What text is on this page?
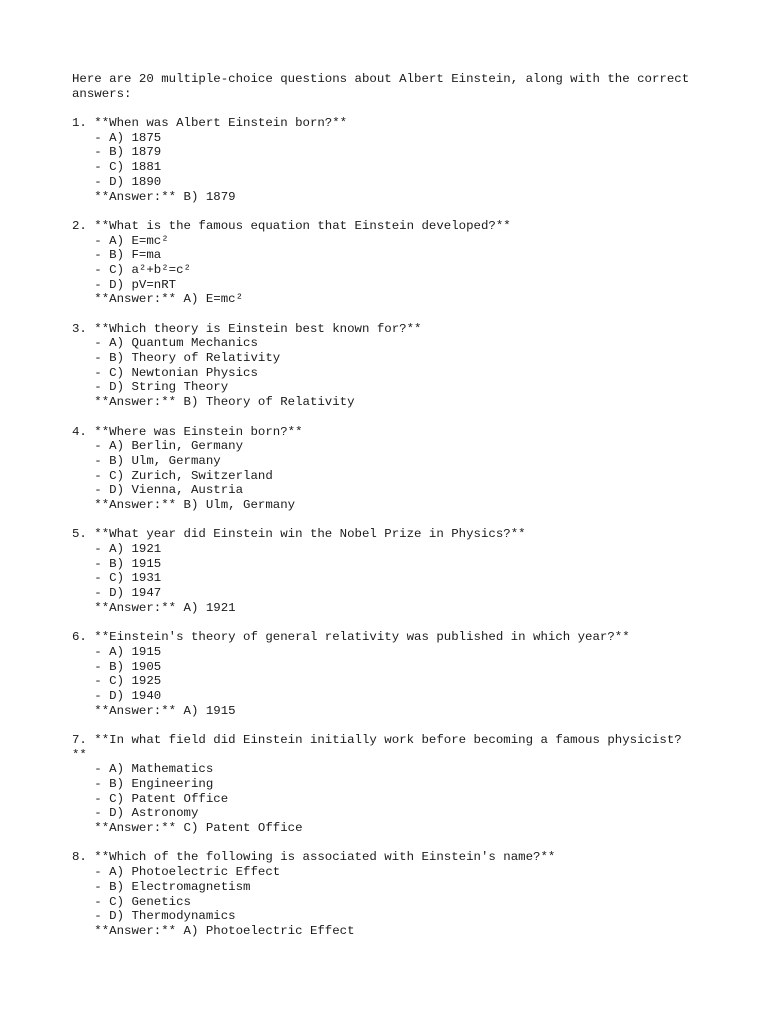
Here are 20 multiple-choice questions about Albert Einstein, along with the correct
answers:
1. **When was Albert Einstein born?**
- A) 1875
- B) 1879
- C) 1881
- D) 1890
**Answer:** B) 1879
2. **What is the famous equation that Einstein developed?**
- A) E=mc²
- B) F=ma
- C) a²+b²=c²
- D) pV=nRT
**Answer:** A) E=mc²
3. **Which theory is Einstein best known for?**
- A) Quantum Mechanics
- B) Theory of Relativity
- C) Newtonian Physics
- D) String Theory
**Answer:** B) Theory of Relativity
4. **Where was Einstein born?**
- A) Berlin, Germany
- B) Ulm, Germany
- C) Zurich, Switzerland
- D) Vienna, Austria
**Answer:** B) Ulm, Germany
5. **What year did Einstein win the Nobel Prize in Physics?**
- A) 1921
- B) 1915
- C) 1931
- D) 1947
**Answer:** A) 1921
6. **Einstein's theory of general relativity was published in which year?**
- A) 1915
- B) 1905
- C) 1925
- D) 1940
**Answer:** A) 1915
7. **In what field did Einstein initially work before becoming a famous physicist?
**
- A) Mathematics
- B) Engineering
- C) Patent Office
- D) Astronomy
**Answer:** C) Patent Office
8. **Which of the following is associated with Einstein's name?**
- A) Photoelectric Effect
- B) Electromagnetism
- C) Genetics
- D) Thermodynamics
**Answer:** A) Photoelectric Effect
